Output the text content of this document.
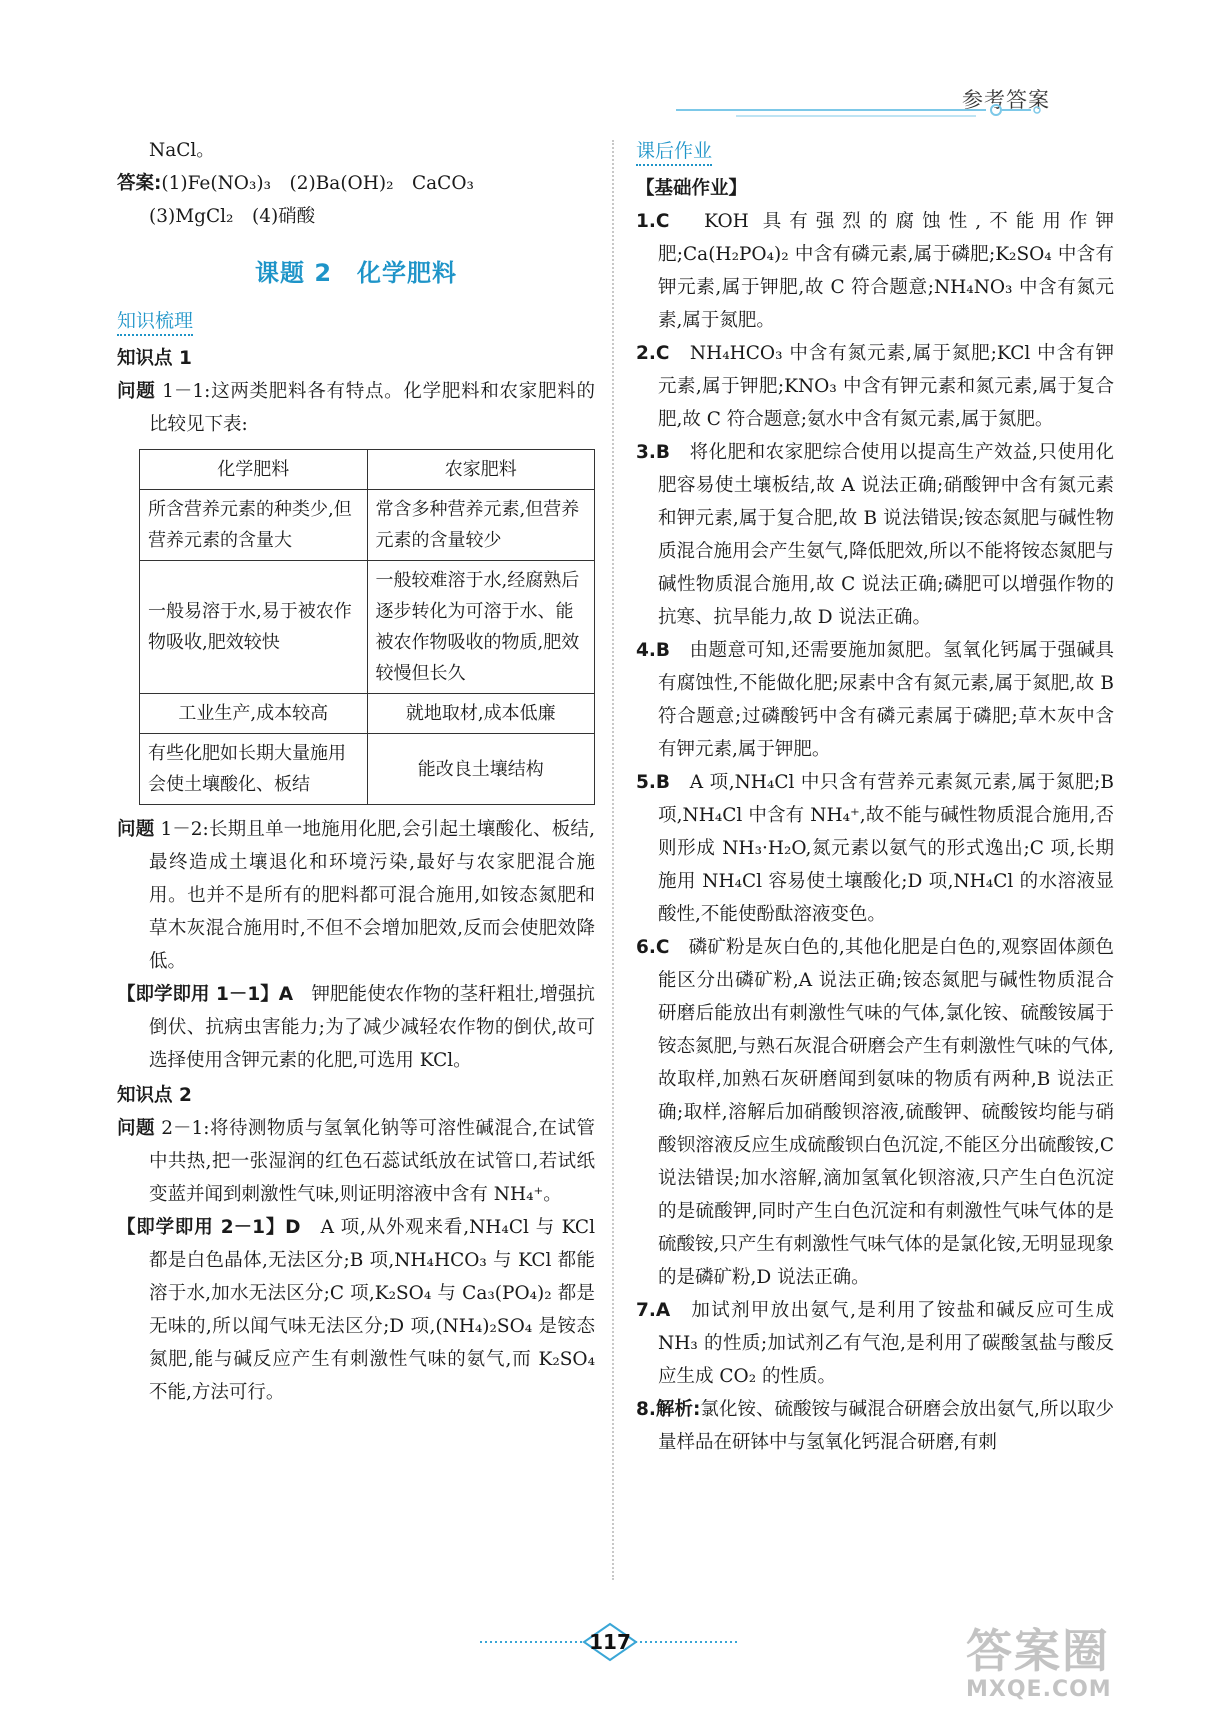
参考答案

NaCl。

答案:(1)Fe(NO₃)₃　(2)Ba(OH)₂　CaCO₃

(3)MgCl₂　(4)硝酸

课题 2　化学肥料
知识梳理

知识点 1

问题 1－1:这两类肥料各有特点。化学肥料和农家肥料的比较见下表:

化学肥料	农家肥料
所含营养元素的种类少,但营养元素的含量大	常含多种营养元素,但营养元素的含量较少
一般易溶于水,易于被农作物吸收,肥效较快	一般较难溶于水,经腐熟后逐步转化为可溶于水、能被农作物吸收的物质,肥效较慢但长久
工业生产,成本较高	就地取材,成本低廉
有些化肥如长期大量施用会使土壤酸化、板结	能改良土壤结构

问题 1－2:长期且单一地施用化肥,会引起土壤酸化、板结,最终造成土壤退化和环境污染,最好与农家肥混合施用。也并不是所有的肥料都可混合施用,如铵态氮肥和草木灰混合施用时,不但不会增加肥效,反而会使肥效降低。

【即学即用 1－1】A　钾肥能使农作物的茎秆粗壮,增强抗倒伏、抗病虫害能力;为了减少减轻农作物的倒伏,故可选择使用含钾元素的化肥,可选用 KCl。

知识点 2

问题 2－1:将待测物质与氢氧化钠等可溶性碱混合,在试管中共热,把一张湿润的红色石蕊试纸放在试管口,若试纸变蓝并闻到刺激性气味,则证明溶液中含有 NH₄⁺。

【即学即用 2－1】D　A 项,从外观来看,NH₄Cl 与 KCl 都是白色晶体,无法区分;B 项,NH₄HCO₃ 与 KCl 都能溶于水,加水无法区分;C 项,K₂SO₄ 与 Ca₃(PO₄)₂ 都是无味的,所以闻气味无法区分;D 项,(NH₄)₂SO₄ 是铵态氮肥,能与碱反应产生有刺激性气味的氨气,而 K₂SO₄ 不能,方法可行。

课后作业

【基础作业】

1.C　KOH 具有强烈的腐蚀性,不能用作钾肥;Ca(H₂PO₄)₂ 中含有磷元素,属于磷肥;K₂SO₄ 中含有钾元素,属于钾肥,故 C 符合题意;NH₄NO₃ 中含有氮元素,属于氮肥。

2.C　NH₄HCO₃ 中含有氮元素,属于氮肥;KCl 中含有钾元素,属于钾肥;KNO₃ 中含有钾元素和氮元素,属于复合肥,故 C 符合题意;氨水中含有氮元素,属于氮肥。

3.B　将化肥和农家肥综合使用以提高生产效益,只使用化肥容易使土壤板结,故 A 说法正确;硝酸钾中含有氮元素和钾元素,属于复合肥,故 B 说法错误;铵态氮肥与碱性物质混合施用会产生氨气,降低肥效,所以不能将铵态氮肥与碱性物质混合施用,故 C 说法正确;磷肥可以增强作物的抗寒、抗旱能力,故 D 说法正确。

4.B　由题意可知,还需要施加氮肥。氢氧化钙属于强碱具有腐蚀性,不能做化肥;尿素中含有氮元素,属于氮肥,故 B 符合题意;过磷酸钙中含有磷元素属于磷肥;草木灰中含有钾元素,属于钾肥。

5.B　A 项,NH₄Cl 中只含有营养元素氮元素,属于氮肥;B 项,NH₄Cl 中含有 NH₄⁺,故不能与碱性物质混合施用,否则形成 NH₃·H₂O,氮元素以氨气的形式逸出;C 项,长期施用 NH₄Cl 容易使土壤酸化;D 项,NH₄Cl 的水溶液显酸性,不能使酚酞溶液变色。

6.C　磷矿粉是灰白色的,其他化肥是白色的,观察固体颜色能区分出磷矿粉,A 说法正确;铵态氮肥与碱性物质混合研磨后能放出有刺激性气味的气体,氯化铵、硫酸铵属于铵态氮肥,与熟石灰混合研磨会产生有刺激性气味的气体,故取样,加熟石灰研磨闻到氨味的物质有两种,B 说法正确;取样,溶解后加硝酸钡溶液,硫酸钾、硫酸铵均能与硝酸钡溶液反应生成硫酸钡白色沉淀,不能区分出硫酸铵,C 说法错误;加水溶解,滴加氢氧化钡溶液,只产生白色沉淀的是硫酸钾,同时产生白色沉淀和有刺激性气味气体的是硫酸铵,只产生有刺激性气味气体的是氯化铵,无明显现象的是磷矿粉,D 说法正确。

7.A　加试剂甲放出氨气,是利用了铵盐和碱反应可生成 NH₃ 的性质;加试剂乙有气泡,是利用了碳酸氢盐与酸反应生成 CO₂ 的性质。

8.解析:氯化铵、硫酸铵与碱混合研磨会放出氨气,所以取少量样品在研钵中与氢氧化钙混合研磨,有刺

117	答案圈
MXQE.COM
